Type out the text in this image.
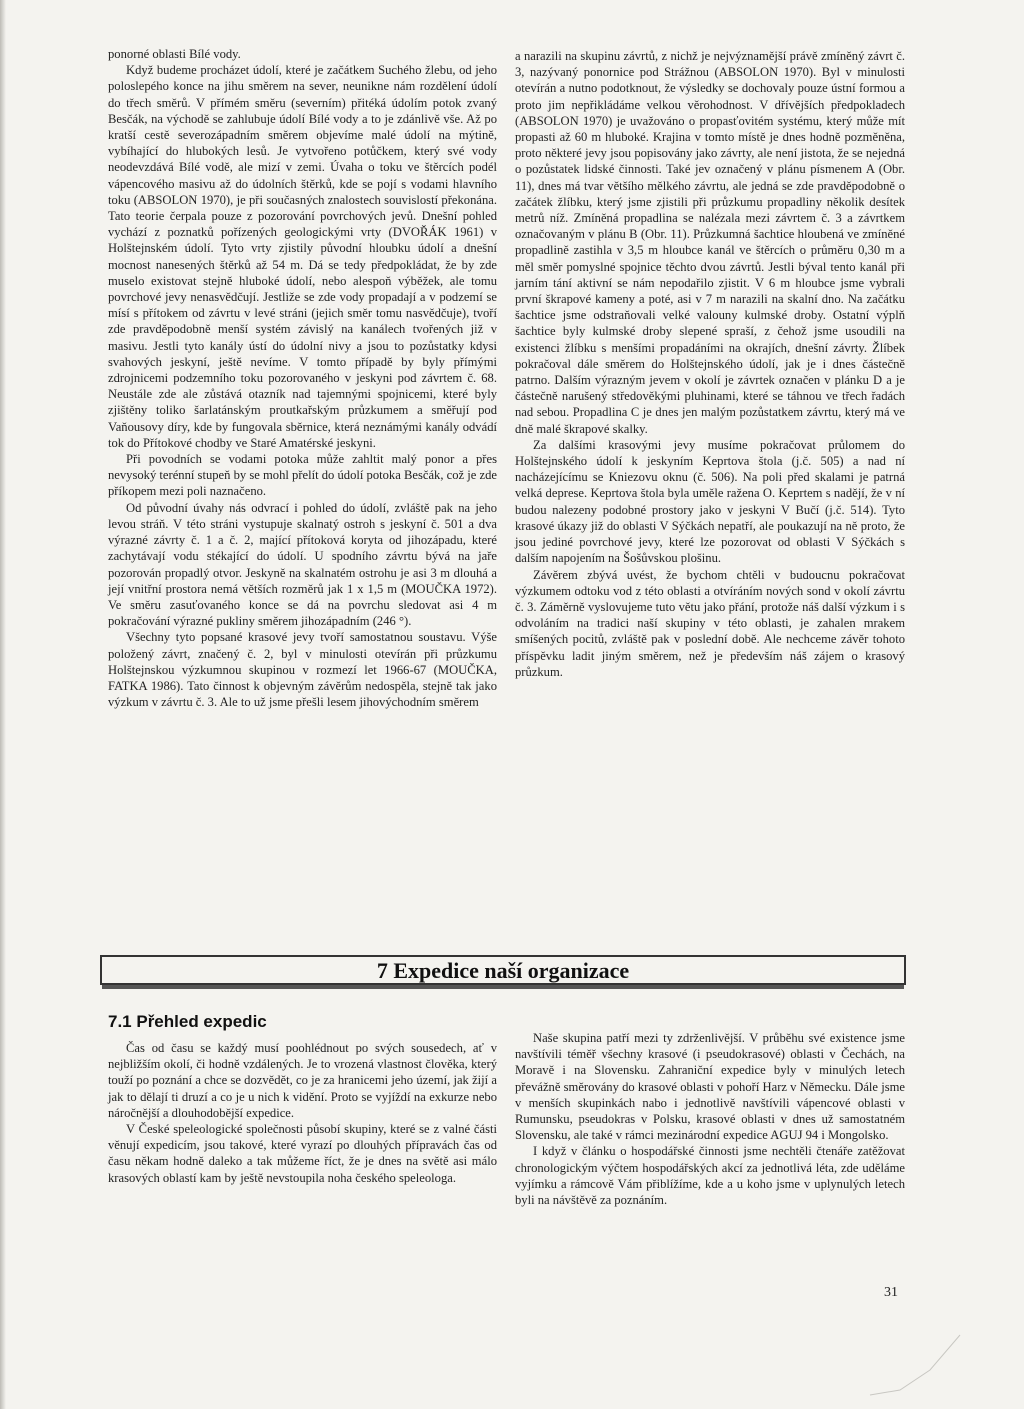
ponorné oblasti Bílé vody.

Když budeme procházet údolí, které je začátkem Suchého žlebu, od jeho poloslepého konce na jihu směrem na sever, neunikne nám rozdělení údolí do třech směrů. V přímém směru (severním) přitéká údolím potok zvaný Besčák, na východě se zahlubuje údolí Bílé vody a to je zdánlivě vše. Až po kratší cestě severozápadním směrem objevíme malé údolí na mýtině, vybíhající do hlubokých lesů. Je vytvořeno potůčkem, který své vody neodevzdává Bílé vodě, ale mizí v zemi. Úvaha o toku ve štěrcích podél vápencového masivu až do údolních štěrků, kde se pojí s vodami hlavního toku (ABSOLON 1970), je při současných znalostech souvislostí překonána. Tato teorie čerpala pouze z pozorování povrchových jevů. Dnešní pohled vychází z poznatků pořízených geologickými vrty (DVOŘÁK 1961) v Holštejnském údolí. Tyto vrty zjistily původní hloubku údolí a dnešní mocnost nanesených štěrků až 54 m. Dá se tedy předpokládat, že by zde muselo existovat stejně hluboké údolí, nebo alespoň výběžek, ale tomu povrchové jevy nenasvědčují. Jestliže se zde vody propadají a v podzemí se mísí s přítokem od závrtu v levé stráni (jejich směr tomu nasvědčuje), tvoří zde pravděpodobně menší systém závislý na kanálech tvořených již v masivu. Jestli tyto kanály ústí do údolní nivy a jsou to pozůstatky kdysi svahových jeskyní, ještě nevíme. V tomto případě by byly přímými zdrojnicemi podzemního toku pozorovaného v jeskyni pod závrtem č. 68. Neustále zde ale zůstává otazník nad tajemnými spojnicemi, které byly zjištěny toliko šarlatánským proutkařským průzkumem a směřují pod Vaňousovy díry, kde by fungovala sběrnice, která neznámými kanály odvádí tok do Přítokové chodby ve Staré Amatérské jeskyni.

Při povodních se vodami potoka může zahltit malý ponor a přes nevysoký terénní stupeň by se mohl přelít do údolí potoka Besčák, což je zde příkopem mezi poli naznačeno.

Od původní úvahy nás odvrací i pohled do údolí, zvláště pak na jeho levou stráň. V této stráni vystupuje skalnatý ostroh s jeskyní č. 501 a dva výrazné závrty č. 1 a č. 2, mající přítoková koryta od jihozápadu, které zachytávají vodu stékající do údolí. U spodního závrtu bývá na jaře pozorován propadlý otvor. Jeskyně na skalnatém ostrohu je asi 3 m dlouhá a její vnitřní prostora nemá větších rozměrů jak 1 x 1,5 m (MOUČKA 1972). Ve směru zasuťovaného konce se dá na povrchu sledovat asi 4 m pokračování výrazné pukliny směrem jihozápadním (246 °).

Všechny tyto popsané krasové jevy tvoří samostatnou soustavu. Výše položený závrt, značený č. 2, byl v minulosti otevírán při průzkumu Holštejnskou výzkumnou skupinou v rozmezí let 1966-67 (MOUČKA, FATKA 1986). Tato činnost k objevným závěrům nedospěla, stejně tak jako výzkum v závrtu č. 3. Ale to už jsme přešli lesem jihovýchodním směrem

a narazili na skupinu závrtů, z nichž je nejvýznamější právě zmíněný závrt č. 3, nazývaný ponornice pod Strážnou (ABSOLON 1970). Byl v minulosti otevírán a nutno podotknout, že výsledky se dochovaly pouze ústní formou a proto jim nepřikládáme velkou věrohodnost. V dřívějších předpokladech (ABSOLON 1970) je uvažováno o propasťovitém systému, který může mít propasti až 60 m hluboké. Krajina v tomto místě je dnes hodně pozměněna, proto některé jevy jsou popisovány jako závrty, ale není jistota, že se nejedná o pozůstatek lidské činnosti. Také jev označený v plánu písmenem A (Obr. 11), dnes má tvar většího mělkého závrtu, ale jedná se zde pravděpodobně o začátek žlíbku, který jsme zjistili při průzkumu propadliny několik desítek metrů níž. Zmíněná propadlina se nalézala mezi závrtem č. 3 a závrtkem označovaným v plánu B (Obr. 11). Průzkumná šachtice hloubená ve zmíněné propadlině zastihla v 3,5 m hloubce kanál ve štěrcích o průměru 0,30 m a měl směr pomyslné spojnice těchto dvou závrtů. Jestli býval tento kanál při jarním tání aktivní se nám nepodařilo zjistit. V 6 m hloubce jsme vybrali první škrapové kameny a poté, asi v 7 m narazili na skalní dno. Na začátku šachtice jsme odstraňovali velké valouny kulmské droby. Ostatní výplň šachtice byly kulmské droby slepené spraší, z čehož jsme usoudili na existenci žlíbku s menšími propadáními na okrajích, dnešní závrty. Žlíbek pokračoval dále směrem do Holštejnského údolí, jak je i dnes částečně patrno. Dalším výrazným jevem v okolí je závrtek označen v plánku D a je částečně narušený středověkými pluhinami, které se táhnou ve třech řadách nad sebou. Propadlina C je dnes jen malým pozůstatkem závrtu, který má ve dně malé škrapové skalky.

Za dalšími krasovými jevy musíme pokračovat průlomem do Holštejnského údolí k jeskyním Keprtova štola (j.č. 505) a nad ní nacházejícímu se Kniezovu oknu (č. 506). Na poli před skalami je patrná velká deprese. Keprtova štola byla uměle ražena O. Keprtem s nadějí, že v ní budou nalezeny podobné prostory jako v jeskyni V Bučí (j.č. 514). Tyto krasové úkazy již do oblasti V Sýčkách nepatří, ale poukazují na ně proto, že jsou jediné povrchové jevy, které lze pozorovat od oblasti V Sýčkách s dalším napojením na Šošůvskou plošinu.

Závěrem zbývá uvést, že bychom chtěli v budoucnu pokračovat výzkumem odtoku vod z této oblasti a otvíráním nových sond v okolí závrtu č. 3. Záměrně vyslovujeme tuto větu jako přání, protože náš další výzkum i s odvoláním na tradici naší skupiny v této oblasti, je zahalen mrakem smíšených pocitů, zvláště pak v poslední době. Ale nechceme závěr tohoto příspěvku ladit jiným směrem, než je především náš zájem o krasový průzkum.

7 Expedice naší organizace
7.1 Přehled expedic

Čas od času se každý musí poohlédnout po svých sousedech, ať v nejbližším okolí, či hodně vzdálených. Je to vrozená vlastnost člověka, který touží po poznání a chce se dozvědět, co je za hranicemi jeho území, jak žijí a jak to dělají ti druzí a co je u nich k vidění. Proto se vyjíždí na exkurze nebo náročnější a dlouhodobější expedice.

V České speleologické společnosti působí skupiny, které se z valné části věnují expedicím, jsou takové, které vyrazí po dlouhých přípravách čas od času někam hodně daleko a tak můžeme říct, že je dnes na světě asi málo krasových oblastí kam by ještě nevstoupila noha českého speleologa.

Naše skupina patří mezi ty zdrženlivější. V průběhu své existence jsme navštívili téměř všechny krasové (i pseudokrasové) oblasti v Čechách, na Moravě i na Slovensku. Zahraniční expedice byly v minulých letech převážně směrovány do krasové oblasti v pohoří Harz v Německu. Dále jsme v menších skupinkách nabo i jednotlivě navštívili vápencové oblasti v Rumunsku, pseudokras v Polsku, krasové oblasti v dnes už samostatném Slovensku, ale také v rámci mezinárodní expedice AGUJ 94 i Mongolsko.

I když v článku o hospodářské činnosti jsme nechtěli čtenáře zatěžovat chronologickým výčtem hospodářských akcí za jednotlivá léta, zde uděláme vyjímku a rámcově Vám přiblížíme, kde a u koho jsme v uplynulých letech byli na návštěvě za poznáním.

31
